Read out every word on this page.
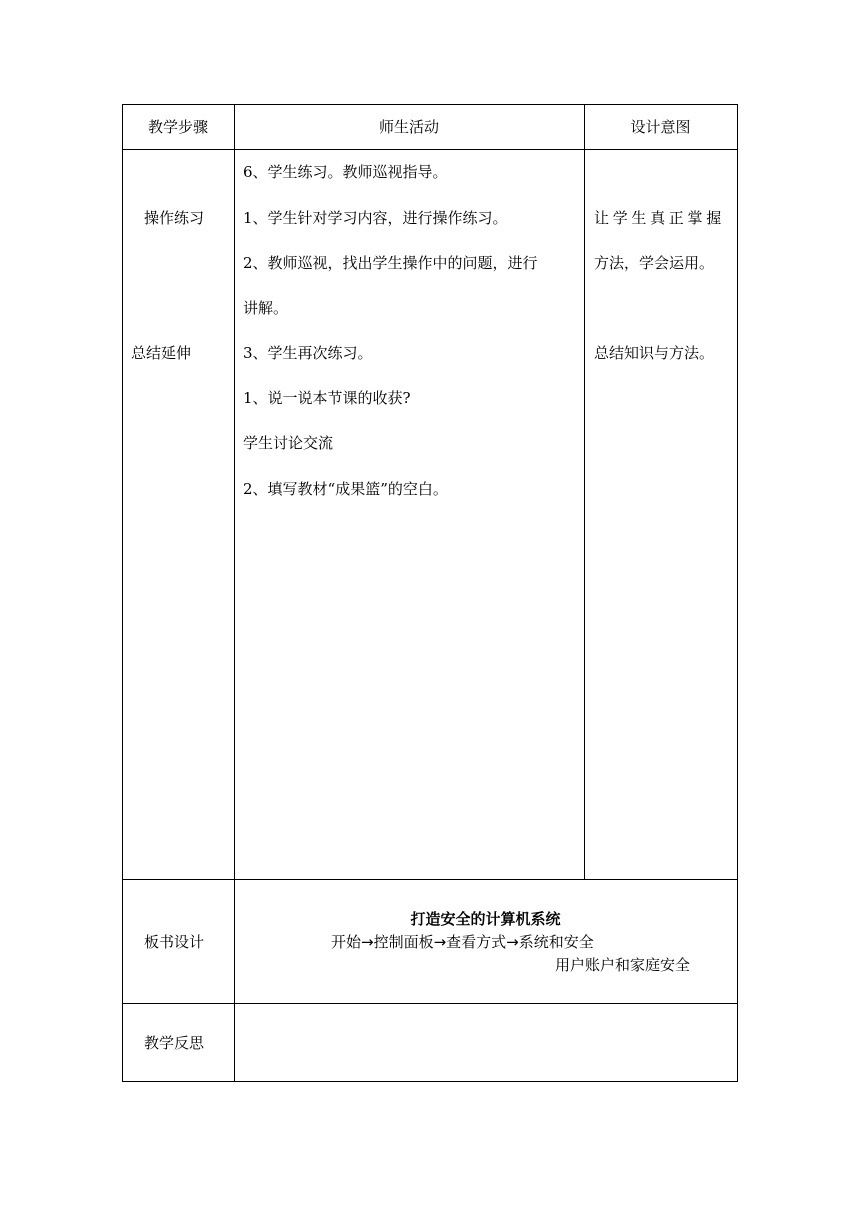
教学步骤	师生活动	设计意图
操作练习
总结延伸
6、学生练习。教师巡视指导。
1、学生针对学习内容，进行操作练习。
2、教师巡视，找出学生操作中的问题，进行
讲解。
3、学生再次练习。
1、说一说本节课的收获?
学生讨论交流
2、填写教材“成果篮”的空白。
让学生真正掌握
方法，学会运用。
总结知识与方法。
板书设计
打造安全的计算机系统
开始→控制面板→查看方式→系统和安全
用户账户和家庭安全
教学反思
